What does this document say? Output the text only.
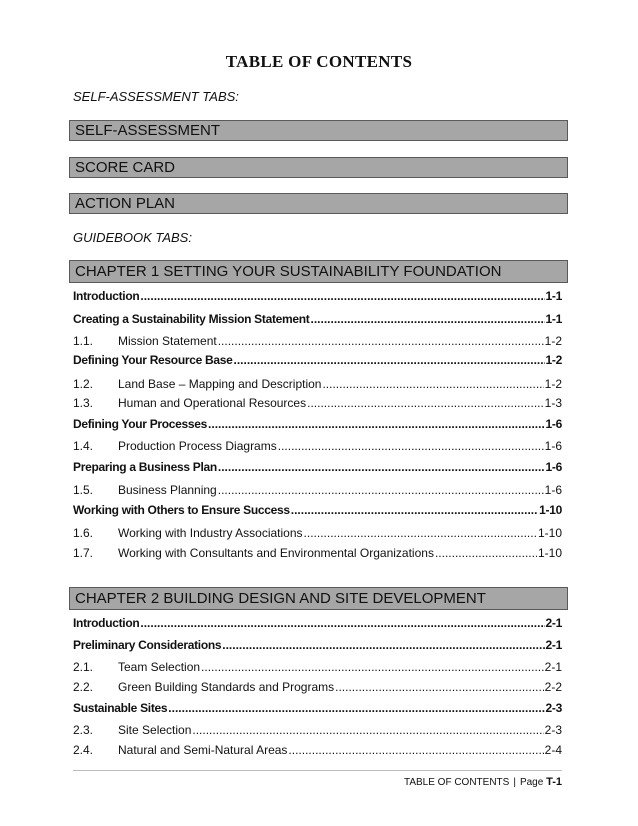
TABLE OF CONTENTS
SELF-ASSESSMENT TABS:
SELF-ASSESSMENT
SCORE CARD
ACTION PLAN
GUIDEBOOK TABS:
CHAPTER 1 SETTING YOUR SUSTAINABILITY FOUNDATION
Introduction .....	1-1
Creating a Sustainability Mission Statement .....	1-1
1.1.	Mission Statement .....	1-2
Defining Your Resource Base .....	1-2
1.2.	Land Base – Mapping and Description .....	1-2
1.3.	Human and Operational Resources .....	1-3
Defining Your Processes .....	1-6
1.4.	Production Process Diagrams .....	1-6
Preparing a Business Plan .....	1-6
1.5.	Business Planning .....	1-6
Working with Others to Ensure Success .....	1-10
1.6.	Working with Industry Associations .....	1-10
1.7.	Working with Consultants and Environmental Organizations .....	1-10
CHAPTER 2 BUILDING DESIGN AND SITE DEVELOPMENT
Introduction .....	2-1
Preliminary Considerations .....	2-1
2.1.	Team Selection .....	2-1
2.2.	Green Building Standards and Programs .....	2-2
Sustainable Sites .....	2-3
2.3.	Site Selection .....	2-3
2.4.	Natural and Semi-Natural Areas .....	2-4
TABLE OF CONTENTS | Page T-1
